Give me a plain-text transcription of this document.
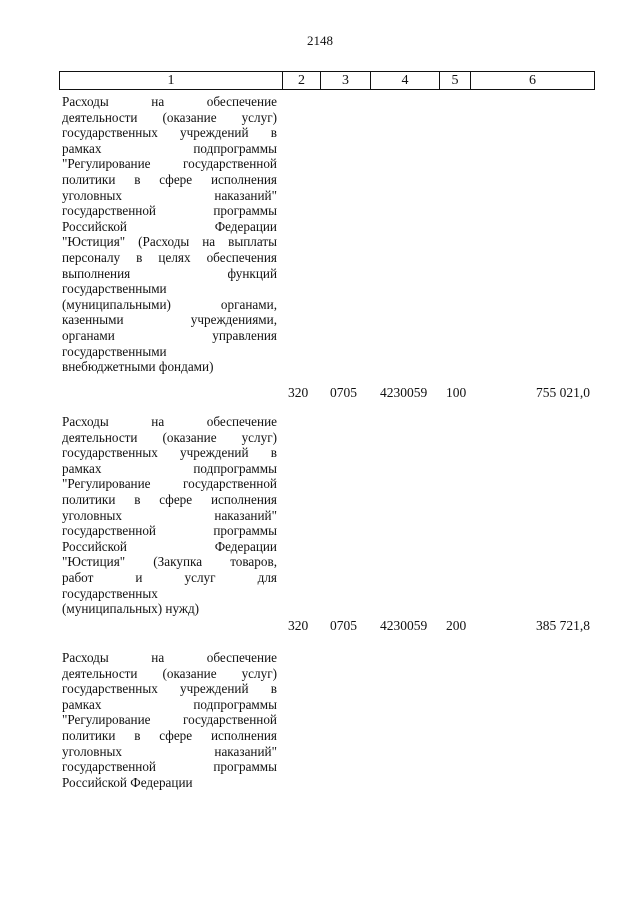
2148
1	2	3	4	5	6
Расходы на обеспечение
деятельности (оказание услуг)
государственных учреждений в
рамках подпрограммы
"Регулирование государственной
политики в сфере исполнения
уголовных наказаний"
государственной программы
Российской Федерации
"Юстиция" (Расходы на выплаты
персоналу в целях обеспечения
выполнения функций
государственными
(муниципальными) органами,
казенными учреждениями,
органами управления
государственными
внебюджетными фондами)
320 0705 4230059 100	755 021,0
Расходы на обеспечение
деятельности (оказание услуг)
государственных учреждений в
рамках подпрограммы
"Регулирование государственной
политики в сфере исполнения
уголовных наказаний"
государственной программы
Российской Федерации
"Юстиция" (Закупка товаров,
работ и услуг для
государственных
(муниципальных) нужд)
320 0705 4230059 200	385 721,8
Расходы на обеспечение
деятельности (оказание услуг)
государственных учреждений в
рамках подпрограммы
"Регулирование государственной
политики в сфере исполнения
уголовных наказаний"
государственной программы
Российской Федерации
